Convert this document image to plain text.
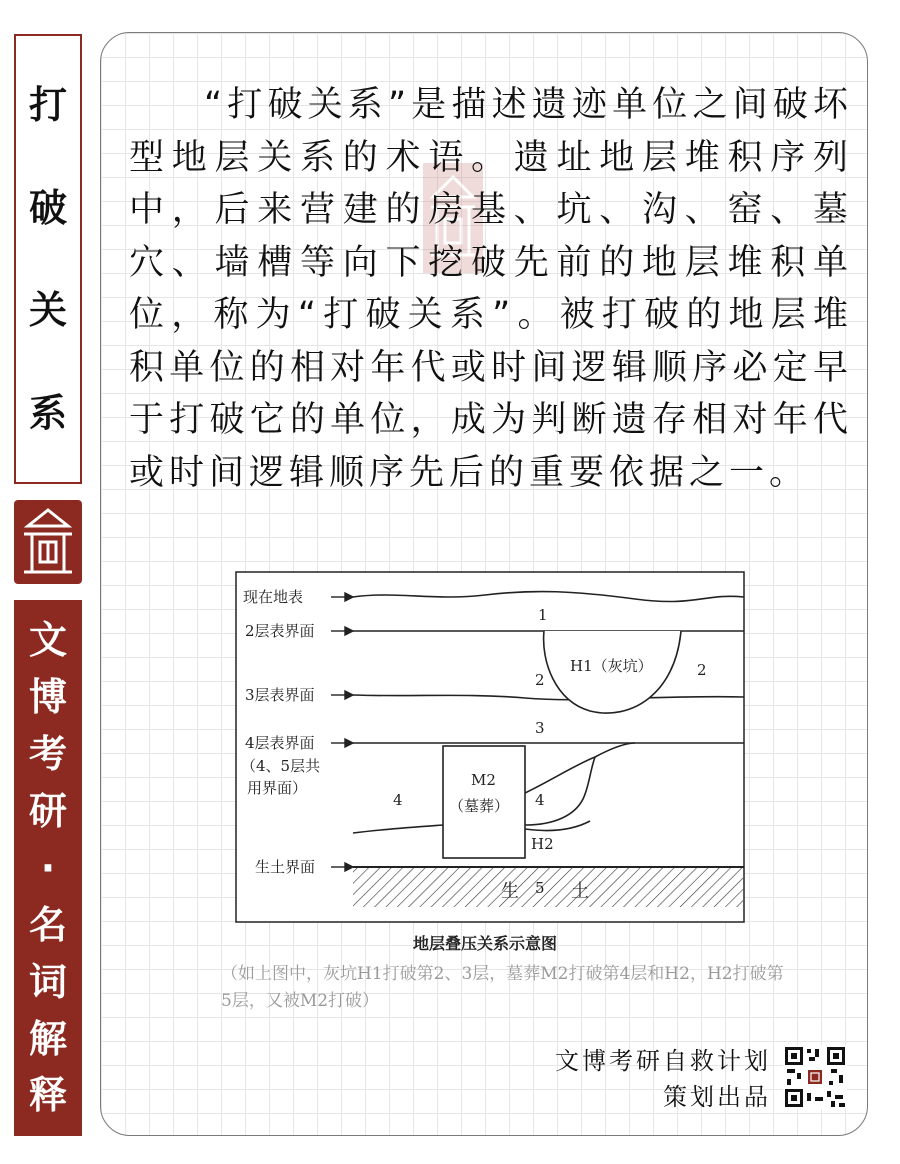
打
破
关
系
文
博
考
研
·
名
词
解
释

“打破关系”是描述遗迹单位之间破坏型地层关系的术语。遗址地层堆积序列中，后来营建的房基、坑、沟、窑、墓穴、墙槽等向下挖破先前的地层堆积单位，称为“打破关系”。被打破的地层堆积单位的相对年代或时间逻辑顺序必定早于打破它的单位，成为判断遗存相对年代或时间逻辑顺序先后的重要依据之一。

现在地表
2层表界面
3层表界面
4层表界面
（4、5层共
用界面）
生土界面
1
2
2
H1（灰坑）
3
4	4
M2
（墓葬）
H2
5
生	土
地层叠压关系示意图
（如上图中，灰坑H1打破第2、3层，墓葬M2打破第4层和H2，H2打破第5层，又被M2打破）
文博考研自救计划
策划出品
